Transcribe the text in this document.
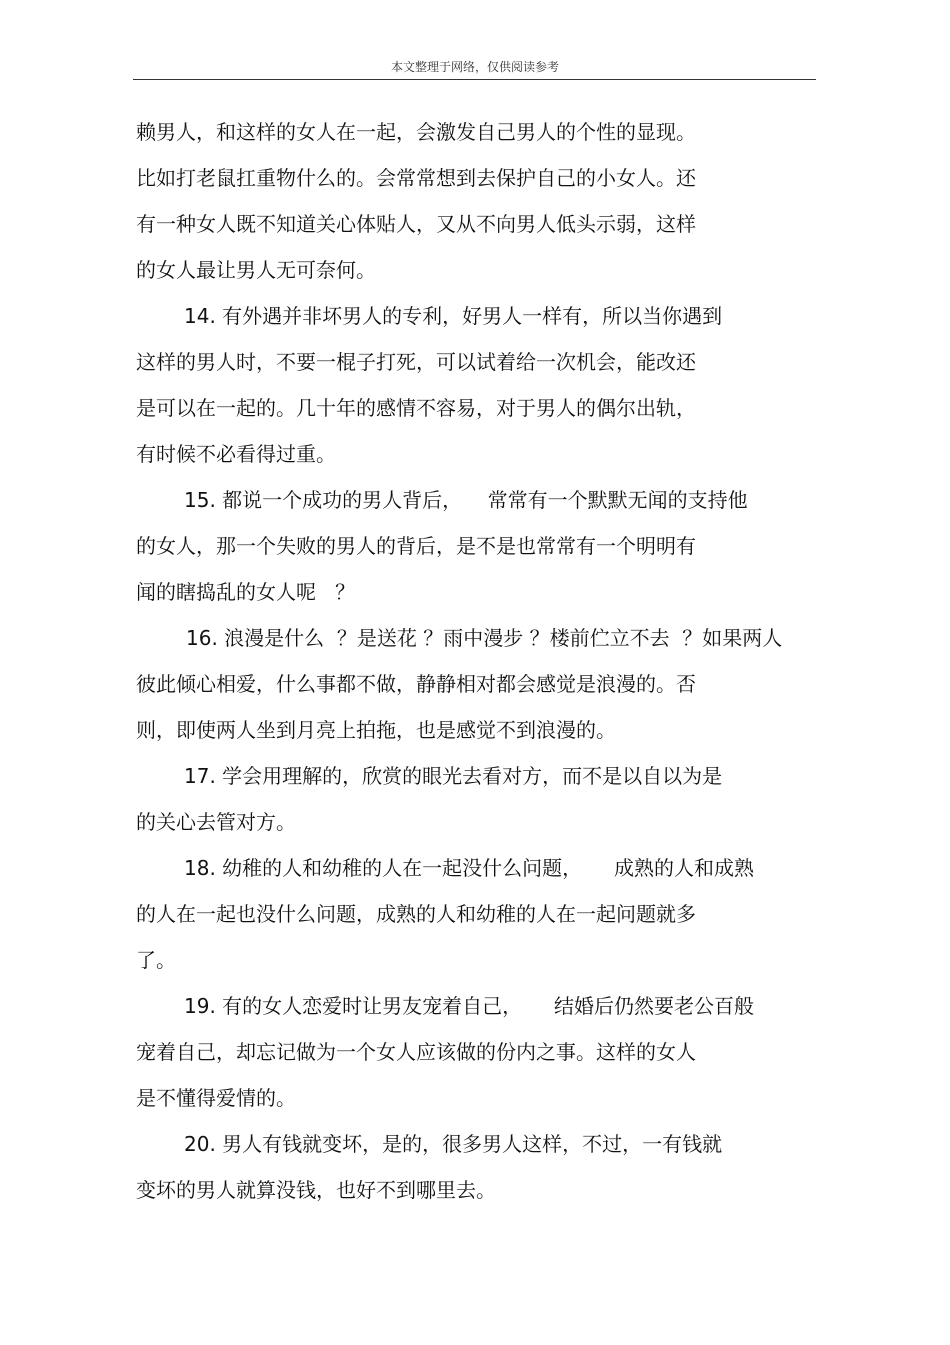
本文整理于网络，仅供阅读参考
赖男人，和这样的女人在一起，会激发自己男人的个性的显现。
比如打老鼠扛重物什么的。会常常想到去保护自己的小女人。还
有一种女人既不知道关心体贴人，又从不向男人低头示弱，这样
的女人最让男人无可奈何。
14. 有外遇并非坏男人的专利，好男人一样有，所以当你遇到
这样的男人时，不要一棍子打死，可以试着给一次机会，能改还
是可以在一起的。几十年的感情不容易，对于男人的偶尔出轨，
有时候不必看得过重。
15. 都说一个成功的男人背后，    常常有一个默默无闻的支持他
的女人，那一个失败的男人的背后，是不是也常常有一个明明有
闻的瞎捣乱的女人呢   ？
16. 浪漫是什么  ？是送花 ？雨中漫步 ？楼前伫立不去  ？如果两人
彼此倾心相爱，什么事都不做，静静相对都会感觉是浪漫的。否
则，即使两人坐到月亮上拍拖，也是感觉不到浪漫的。
17. 学会用理解的，欣赏的眼光去看对方，而不是以自以为是
的关心去管对方。
18. 幼稚的人和幼稚的人在一起没什么问题，     成熟的人和成熟
的人在一起也没什么问题，成熟的人和幼稚的人在一起问题就多
了。
19. 有的女人恋爱时让男友宠着自己，     结婚后仍然要老公百般
宠着自己，却忘记做为一个女人应该做的份内之事。这样的女人
是不懂得爱情的。
20. 男人有钱就变坏，是的，很多男人这样，不过，一有钱就
变坏的男人就算没钱，也好不到哪里去。
